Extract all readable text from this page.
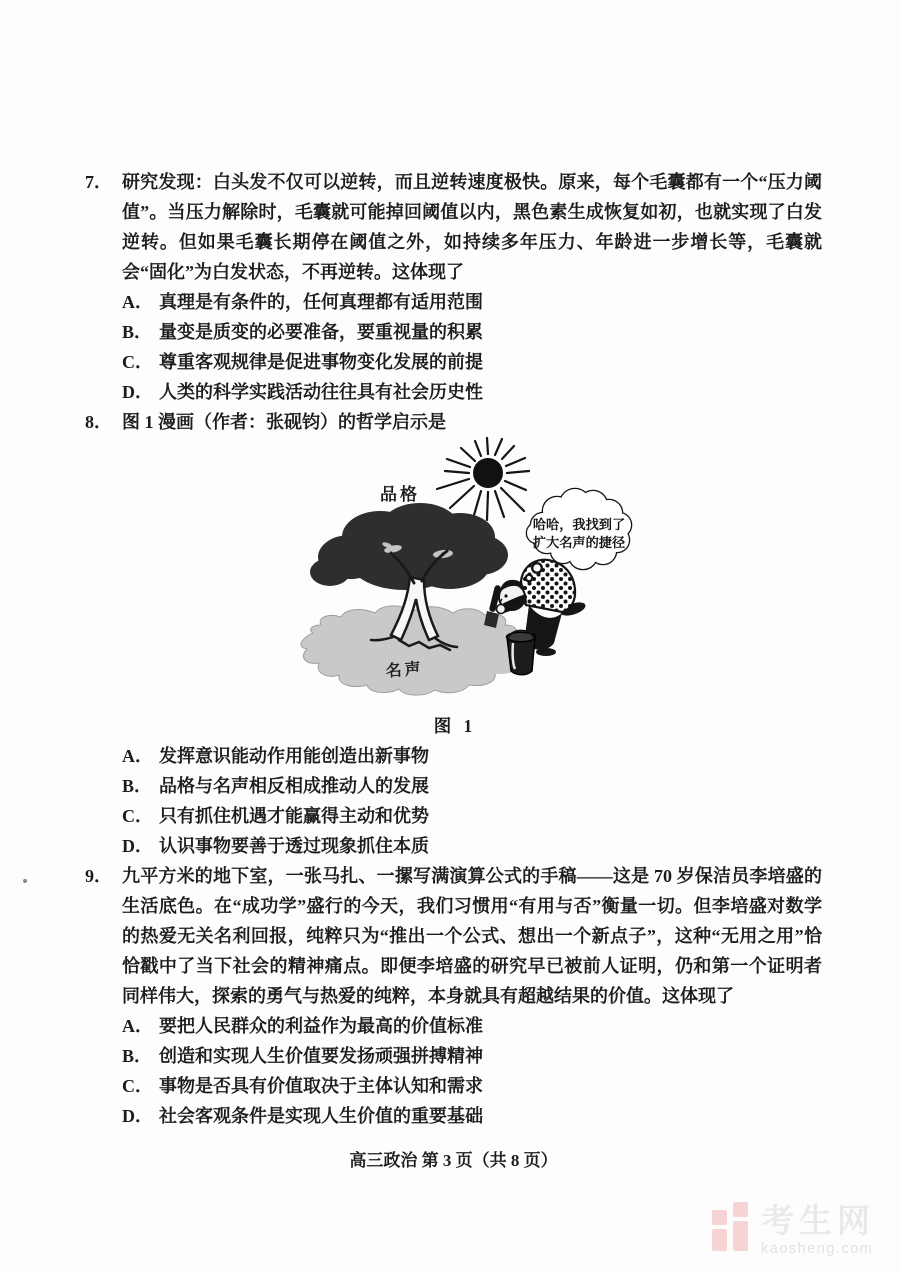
7． 研究发现：白头发不仅可以逆转，而且逆转速度极快。原来，每个毛囊都有一个“压力阈值”。当压力解除时，毛囊就可能掉回阈值以内，黑色素生成恢复如初，也就实现了白发逆转。但如果毛囊长期停在阈值之外，如持续多年压力、年龄进一步增长等，毛囊就会“固化”为白发状态，不再逆转。这体现了
A． 真理是有条件的，任何真理都有适用范围
B． 量变是质变的必要准备，要重视量的积累
C． 尊重客观规律是促进事物变化发展的前提
D． 人类的科学实践活动往往具有社会历史性
8． 图 1 漫画（作者：张砚钧）的哲学启示是
品格
名声
哈哈，我找到了
扩大名声的捷径
图 1
A． 发挥意识能动作用能创造出新事物
B． 品格与名声相反相成推动人的发展
C． 只有抓住机遇才能赢得主动和优势
D． 认识事物要善于透过现象抓住本质
9． 九平方米的地下室，一张马扎、一摞写满演算公式的手稿——这是 70 岁保洁员李培盛的生活底色。在“成功学”盛行的今天，我们习惯用“有用与否”衡量一切。但李培盛对数学的热爱无关名利回报，纯粹只为“推出一个公式、想出一个新点子”，这种“无用之用”恰恰戳中了当下社会的精神痛点。即便李培盛的研究早已被前人证明，仍和第一个证明者同样伟大，探索的勇气与热爱的纯粹，本身就具有超越结果的价值。这体现了
A． 要把人民群众的利益作为最高的价值标准
B． 创造和实现人生价值要发扬顽强拼搏精神
C． 事物是否具有价值取决于主体认知和需求
D． 社会客观条件是实现人生价值的重要基础
高三政治 第 3 页（共 8 页）
考生网
kaosheng.com
